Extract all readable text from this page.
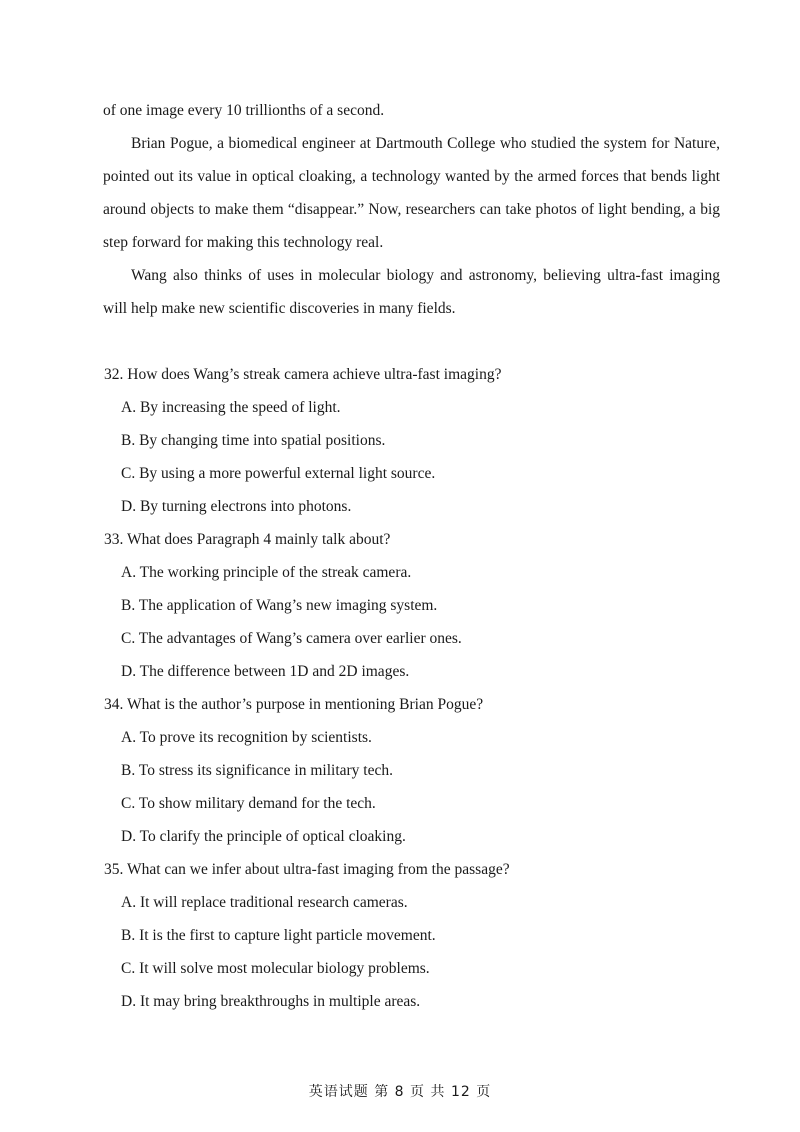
of one image every 10 trillionths of a second.

Brian Pogue, a biomedical engineer at Dartmouth College who studied the system for Nature, pointed out its value in optical cloaking, a technology wanted by the armed forces that bends light around objects to make them “disappear.” Now, researchers can take photos of light bending, a big step forward for making this technology real.

Wang also thinks of uses in molecular biology and astronomy, believing ultra-fast imaging will help make new scientific discoveries in many fields.

32. How does Wang’s streak camera achieve ultra-fast imaging?
A. By increasing the speed of light.
B. By changing time into spatial positions.
C. By using a more powerful external light source.
D. By turning electrons into photons.
33. What does Paragraph 4 mainly talk about?
A. The working principle of the streak camera.
B. The application of Wang’s new imaging system.
C. The advantages of Wang’s camera over earlier ones.
D. The difference between 1D and 2D images.
34. What is the author’s purpose in mentioning Brian Pogue?
A. To prove its recognition by scientists.
B. To stress its significance in military tech.
C. To show military demand for the tech.
D. To clarify the principle of optical cloaking.
35. What can we infer about ultra-fast imaging from the passage?
A. It will replace traditional research cameras.
B. It is the first to capture light particle movement.
C. It will solve most molecular biology problems.
D. It may bring breakthroughs in multiple areas.
英语试题 第 8 页 共 12 页
